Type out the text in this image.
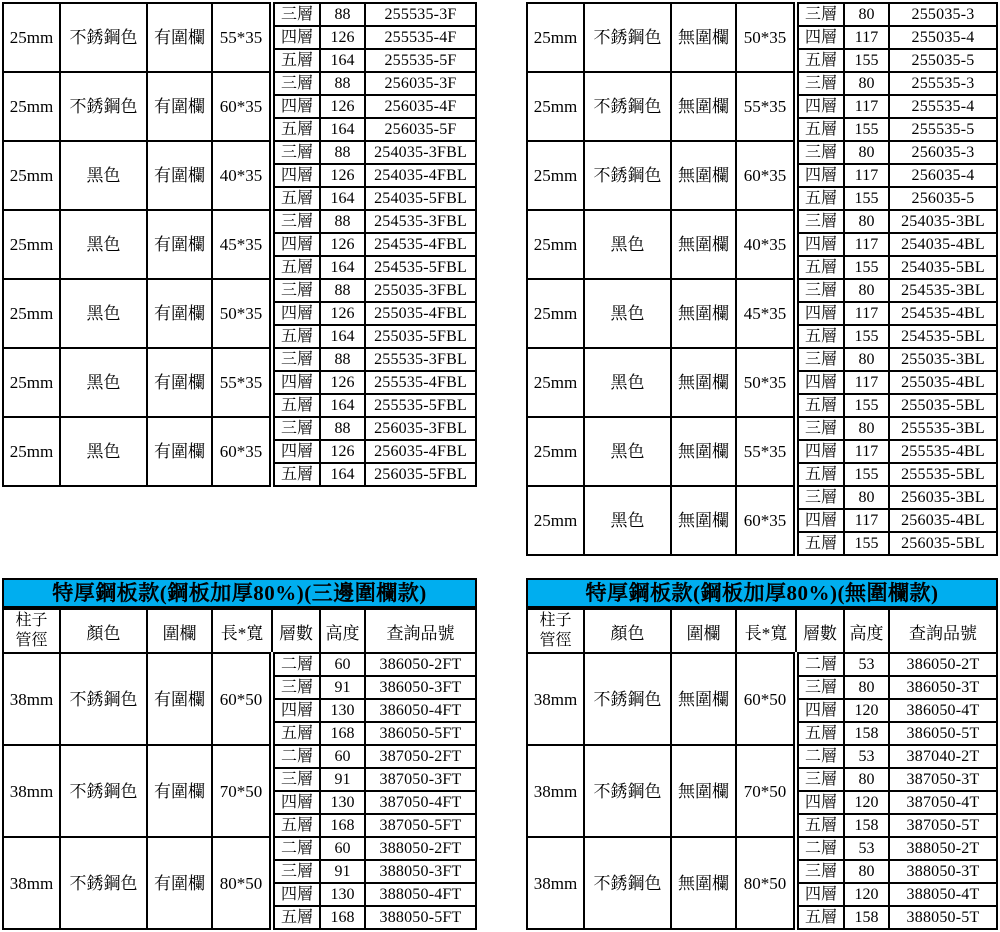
25mm	不銹鋼色	有圍欄	55*35	三層	88	255535-3F
				四層	126	255535-4F
				五層	164	255535-5F
25mm	不銹鋼色	有圍欄	60*35	三層	88	256035-3F
				四層	126	256035-4F
				五層	164	256035-5F
25mm	黑色	有圍欄	40*35	三層	88	254035-3FBL
				四層	126	254035-4FBL
				五層	164	254035-5FBL
25mm	黑色	有圍欄	45*35	三層	88	254535-3FBL
				四層	126	254535-4FBL
				五層	164	254535-5FBL
25mm	黑色	有圍欄	50*35	三層	88	255035-3FBL
				四層	126	255035-4FBL
				五層	164	255035-5FBL
25mm	黑色	有圍欄	55*35	三層	88	255535-3FBL
				四層	126	255535-4FBL
				五層	164	255535-5FBL
25mm	黑色	有圍欄	60*35	三層	88	256035-3FBL
				四層	126	256035-4FBL
				五層	164	256035-5FBL
25mm	不銹鋼色	無圍欄	50*35	三層	80	255035-3
				四層	117	255035-4
				五層	155	255035-5
25mm	不銹鋼色	無圍欄	55*35	三層	80	255535-3
				四層	117	255535-4
				五層	155	255535-5
25mm	不銹鋼色	無圍欄	60*35	三層	80	256035-3
				四層	117	256035-4
				五層	155	256035-5
25mm	黑色	無圍欄	40*35	三層	80	254035-3BL
				四層	117	254035-4BL
				五層	155	254035-5BL
25mm	黑色	無圍欄	45*35	三層	80	254535-3BL
				四層	117	254535-4BL
				五層	155	254535-5BL
25mm	黑色	無圍欄	50*35	三層	80	255035-3BL
				四層	117	255035-4BL
				五層	155	255035-5BL
25mm	黑色	無圍欄	55*35	三層	80	255535-3BL
				四層	117	255535-4BL
				五層	155	255535-5BL
25mm	黑色	無圍欄	60*35	三層	80	256035-3BL
				四層	117	256035-4BL
				五層	155	256035-5BL
特厚鋼板款(鋼板加厚80%)(三邊圍欄款)
柱子
管徑	顏色	圍欄	長*寬	層數	高度	查詢品號
38mm	不銹鋼色	有圍欄	60*50	二層	60	386050-2FT
				三層	91	386050-3FT
				四層	130	386050-4FT
				五層	168	386050-5FT
38mm	不銹鋼色	有圍欄	70*50	二層	60	387050-2FT
				三層	91	387050-3FT
				四層	130	387050-4FT
				五層	168	387050-5FT
38mm	不銹鋼色	有圍欄	80*50	二層	60	388050-2FT
				三層	91	388050-3FT
				四層	130	388050-4FT
				五層	168	388050-5FT
特厚鋼板款(鋼板加厚80%)(無圍欄款)
柱子
管徑	顏色	圍欄	長*寬	層數	高度	查詢品號
38mm	不銹鋼色	無圍欄	60*50	二層	53	386050-2T
				三層	80	386050-3T
				四層	120	386050-4T
				五層	158	386050-5T
38mm	不銹鋼色	無圍欄	70*50	二層	53	387040-2T
				三層	80	387050-3T
				四層	120	387050-4T
				五層	158	387050-5T
38mm	不銹鋼色	無圍欄	80*50	二層	53	388050-2T
				三層	80	388050-3T
				四層	120	388050-4T
				五層	158	388050-5T
